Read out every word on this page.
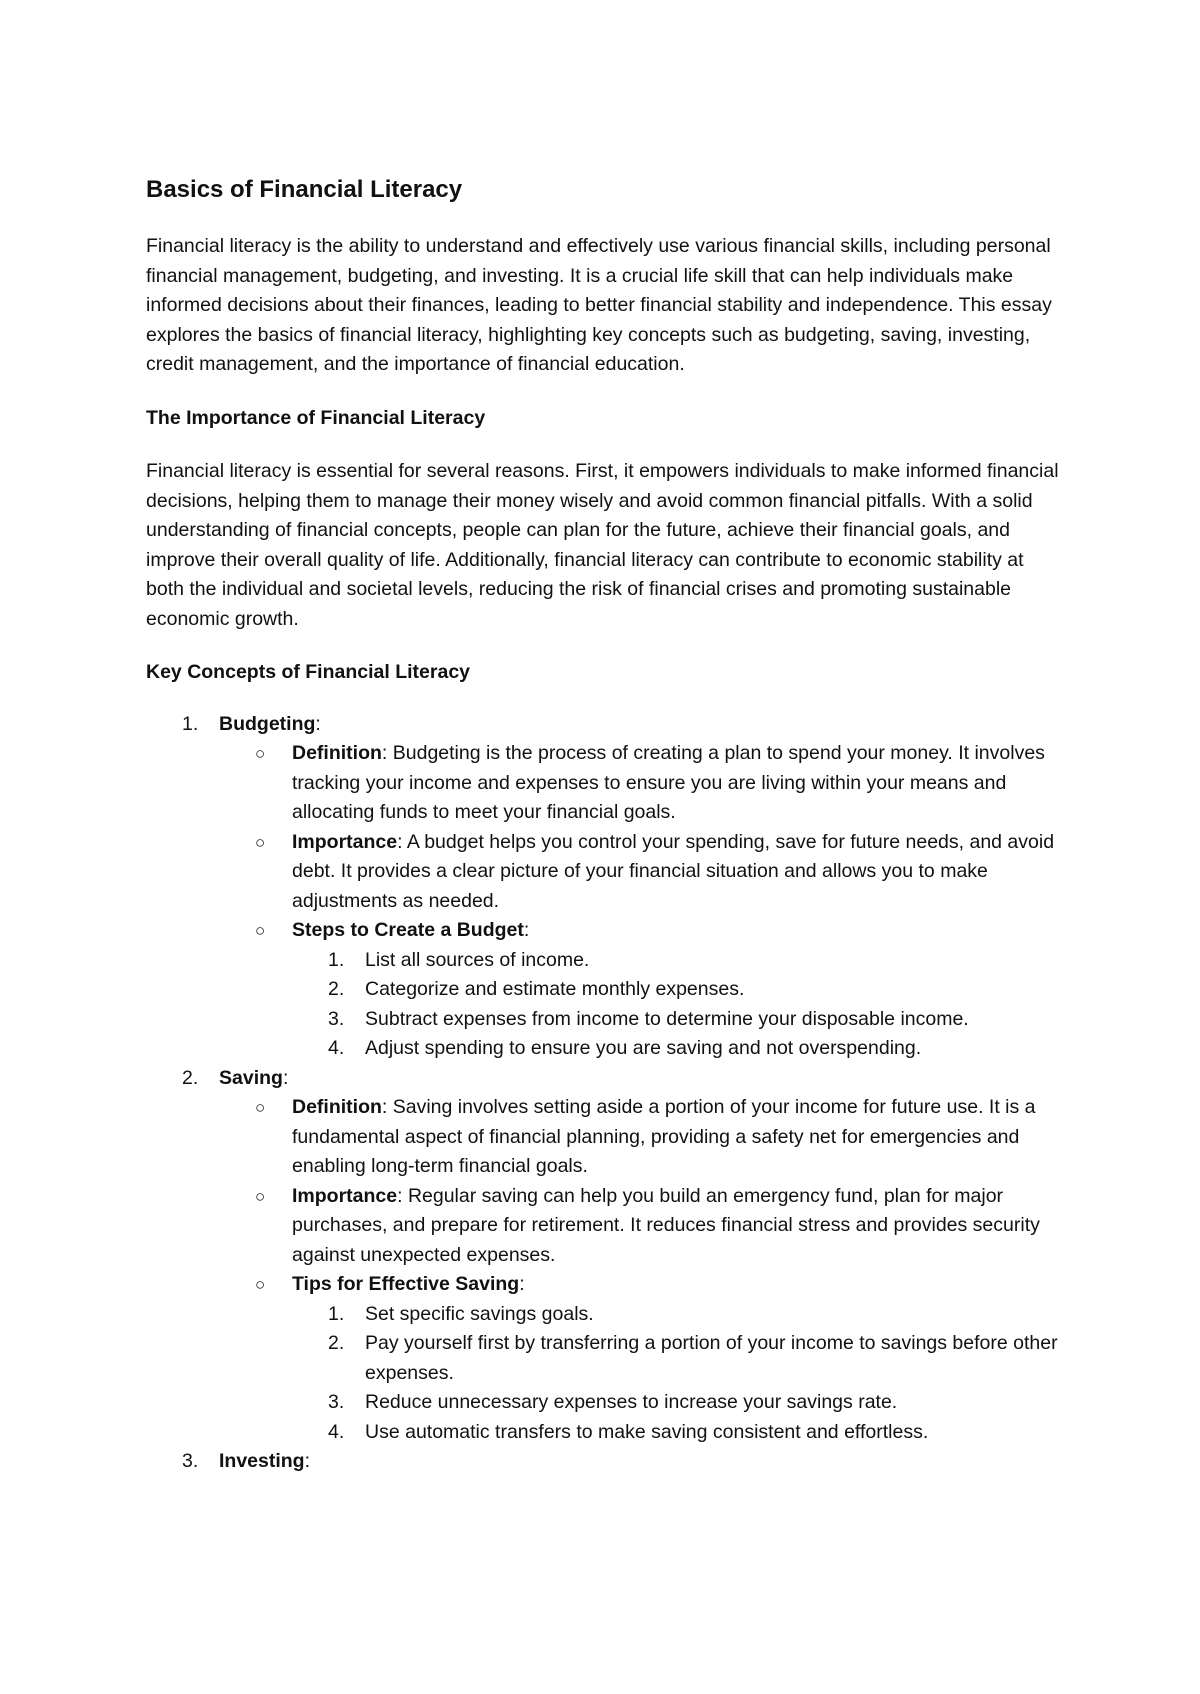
Basics of Financial Literacy

Financial literacy is the ability to understand and effectively use various financial skills, including personal financial management, budgeting, and investing. It is a crucial life skill that can help individuals make informed decisions about their finances, leading to better financial stability and independence. This essay explores the basics of financial literacy, highlighting key concepts such as budgeting, saving, investing, credit management, and the importance of financial education.

The Importance of Financial Literacy

Financial literacy is essential for several reasons. First, it empowers individuals to make informed financial decisions, helping them to manage their money wisely and avoid common financial pitfalls. With a solid understanding of financial concepts, people can plan for the future, achieve their financial goals, and improve their overall quality of life. Additionally, financial literacy can contribute to economic stability at both the individual and societal levels, reducing the risk of financial crises and promoting sustainable economic growth.

Key Concepts of Financial Literacy
1. Budgeting:
○ Definition: Budgeting is the process of creating a plan to spend your money. It involves tracking your income and expenses to ensure you are living within your means and allocating funds to meet your financial goals.
○ Importance: A budget helps you control your spending, save for future needs, and avoid debt. It provides a clear picture of your financial situation and allows you to make adjustments as needed.
○ Steps to Create a Budget:
1. List all sources of income.
2. Categorize and estimate monthly expenses.
3. Subtract expenses from income to determine your disposable income.
4. Adjust spending to ensure you are saving and not overspending.
2. Saving:
○ Definition: Saving involves setting aside a portion of your income for future use. It is a fundamental aspect of financial planning, providing a safety net for emergencies and enabling long-term financial goals.
○ Importance: Regular saving can help you build an emergency fund, plan for major purchases, and prepare for retirement. It reduces financial stress and provides security against unexpected expenses.
○ Tips for Effective Saving:
1. Set specific savings goals.
2. Pay yourself first by transferring a portion of your income to savings before other expenses.
3. Reduce unnecessary expenses to increase your savings rate.
4. Use automatic transfers to make saving consistent and effortless.
3. Investing:
